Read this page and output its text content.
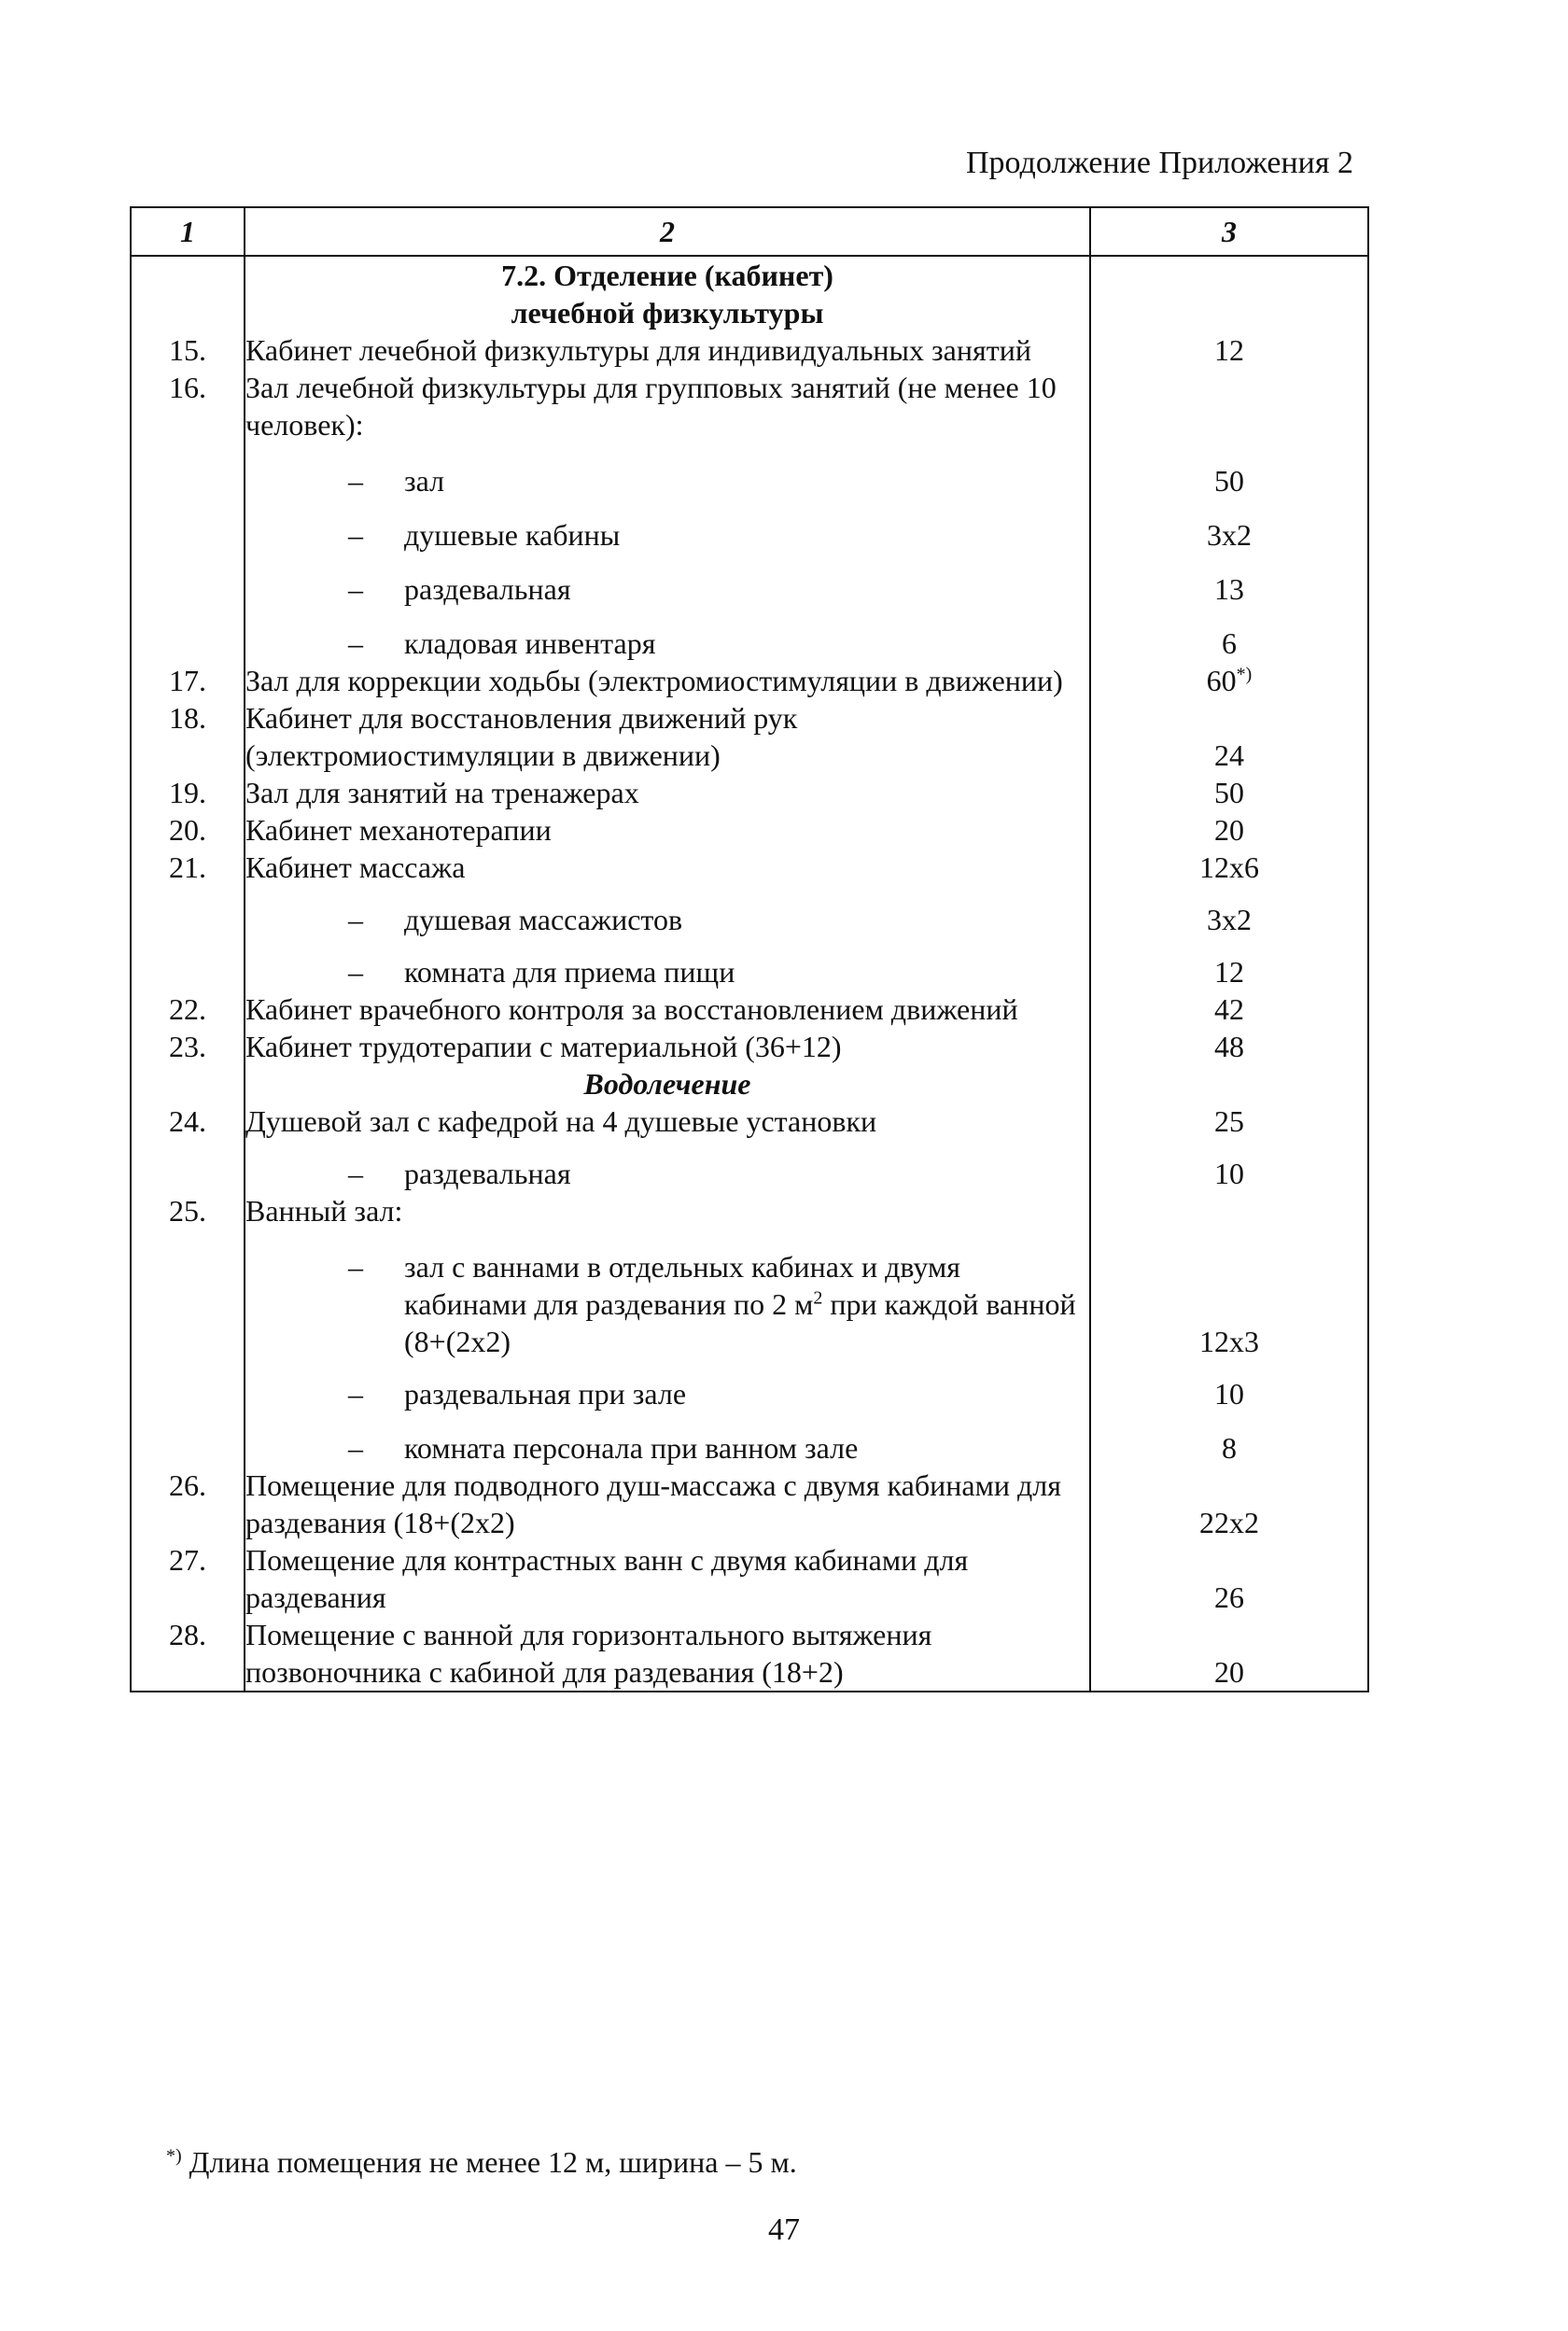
Продолжение Приложения 2
1	2	3

	7.2. Отделение (кабинет)
лечебной физкультуры	

15.	Кабинет лечебной физкультуры для индивидуальных занятий	12
16.	Зал лечебной физкультуры для групповых занятий (не менее 10 человек):	

	– зал	50

	– душевые кабины	3x2

	– раздевальная	13

	– кладовая инвентаря	6
17.	Зал для коррекции ходьбы (электромиостимуляции в движении)	60*)
18.	Кабинет для восстановления движений рук (электромиостимуляции в движении)	24
19.	Зал для занятий на тренажерах	50
20.	Кабинет механотерапии	20
21.	Кабинет массажа	12x6

	– душевая массажистов	3x2

	– комната для приема пищи	12
22.	Кабинет врачебного контроля за восстановлением движений	42
23.	Кабинет трудотерапии с материальной (36+12)	48
	Водолечение	
24.	Душевой зал с кафедрой на 4 душевые установки	25

	– раздевальная	10
25.	Ванный зал:	

	– зал с ваннами в отдельных кабинах и двумя кабинами для раздевания по 2 $м^2$ при каждой ванной (8+(2x2)	12x3

	– раздевальная при зале	10

	– комната персонала при ванном зале	8
26.	Помещение для подводного душ-массажа с двумя кабинами для раздевания (18+(2x2)	22x2
27.	Помещение для контрастных ванн с двумя кабинами для раздевания	26
28.	Помещение с ванной для горизонтального вытяжения позвоночника с кабиной для раздевания (18+2)	20
*) Длина помещения не менее 12 м, ширина – 5 м.
47
